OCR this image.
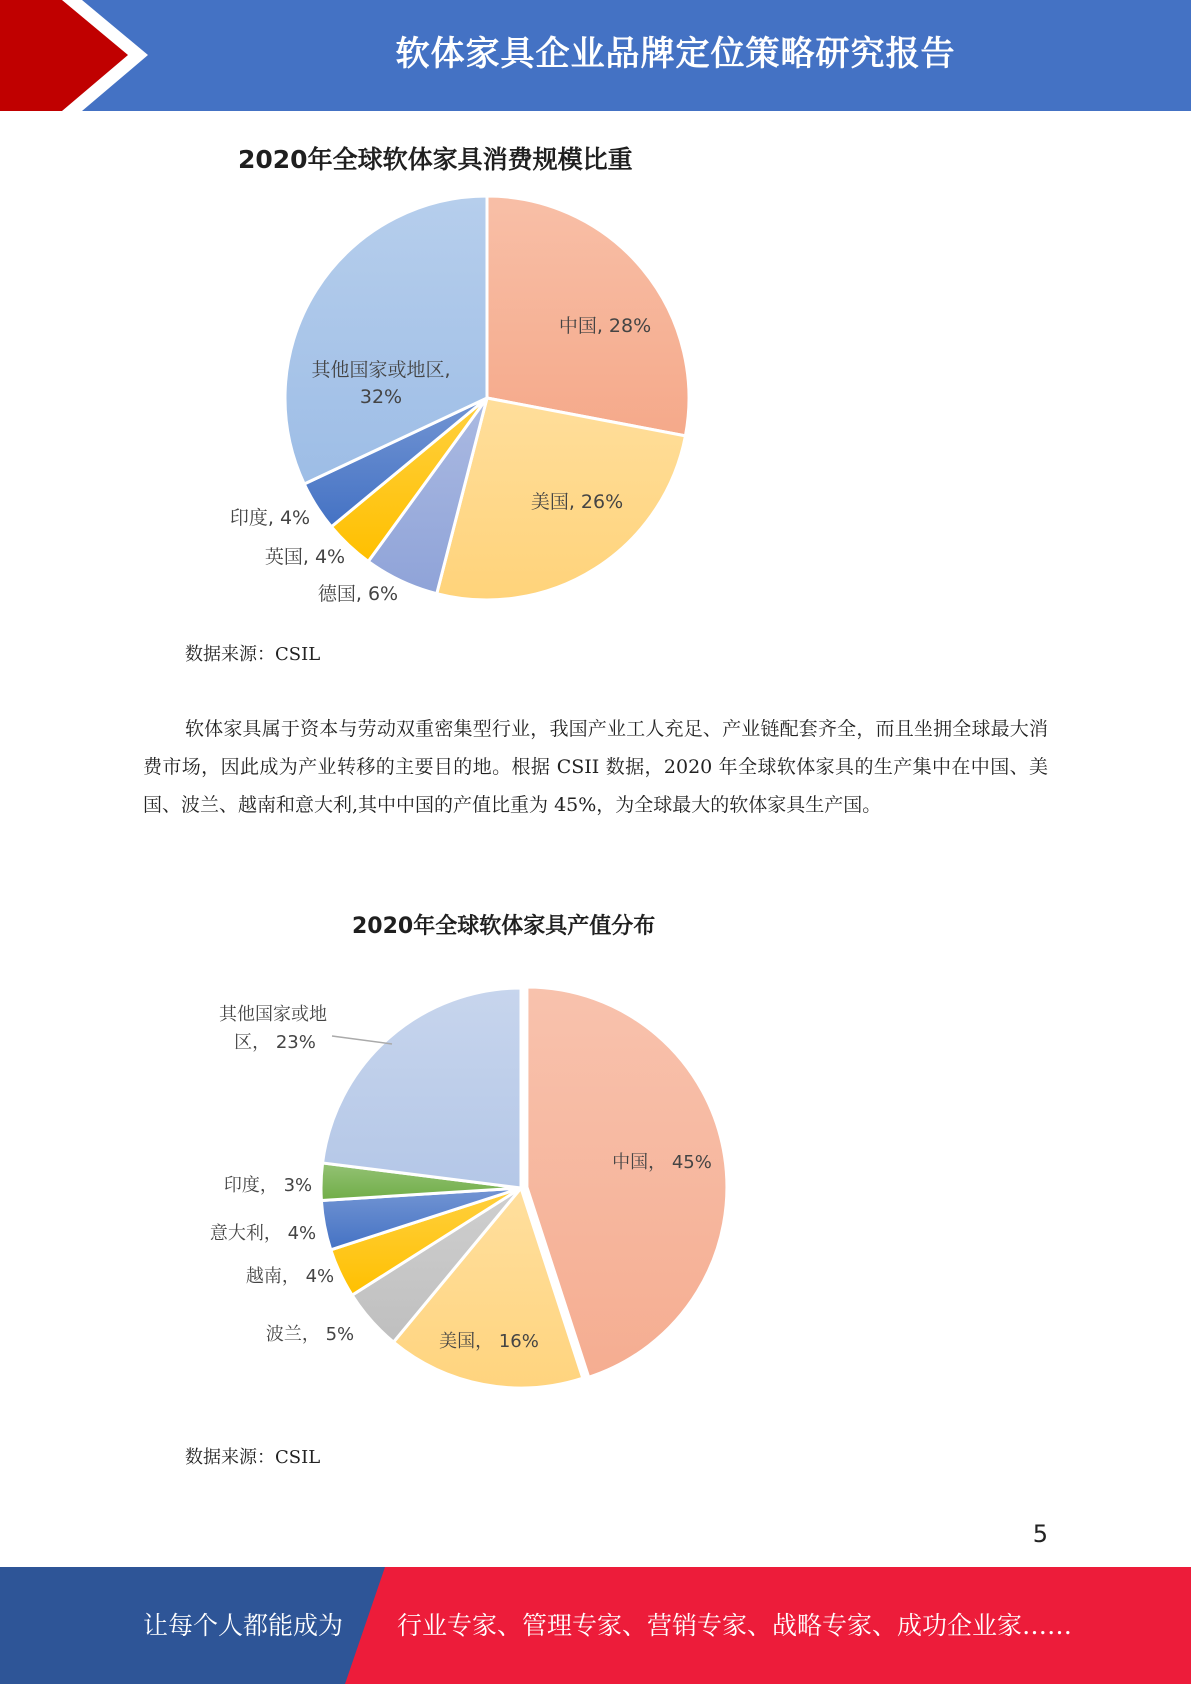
软体家具企业品牌定位策略研究报告
2020年全球软体家具消费规模比重
中国, 28%
美国, 26%
德国, 6%
英国, 4%
印度, 4%
其他国家或地区,
32%
数据来源：CSIL
软体家具属于资本与劳动双重密集型行业，我国产业工人充足、产业链配套齐全，而且坐拥全球最大消费市场，因此成为产业转移的主要目的地。根据 CSII 数据，2020 年全球软体家具的生产集中在中国、美国、波兰、越南和意大利,其中中国的产值比重为 45%，为全球最大的软体家具生产国。
2020年全球软体家具产值分布
中国， 45%
美国， 16%
波兰， 5%
越南， 4%
意大利， 4%
印度， 3%
其他国家或地
区， 23%
数据来源：CSIL
5
让每个人都能成为 行业专家、管理专家、营销专家、战略专家、成功企业家……
